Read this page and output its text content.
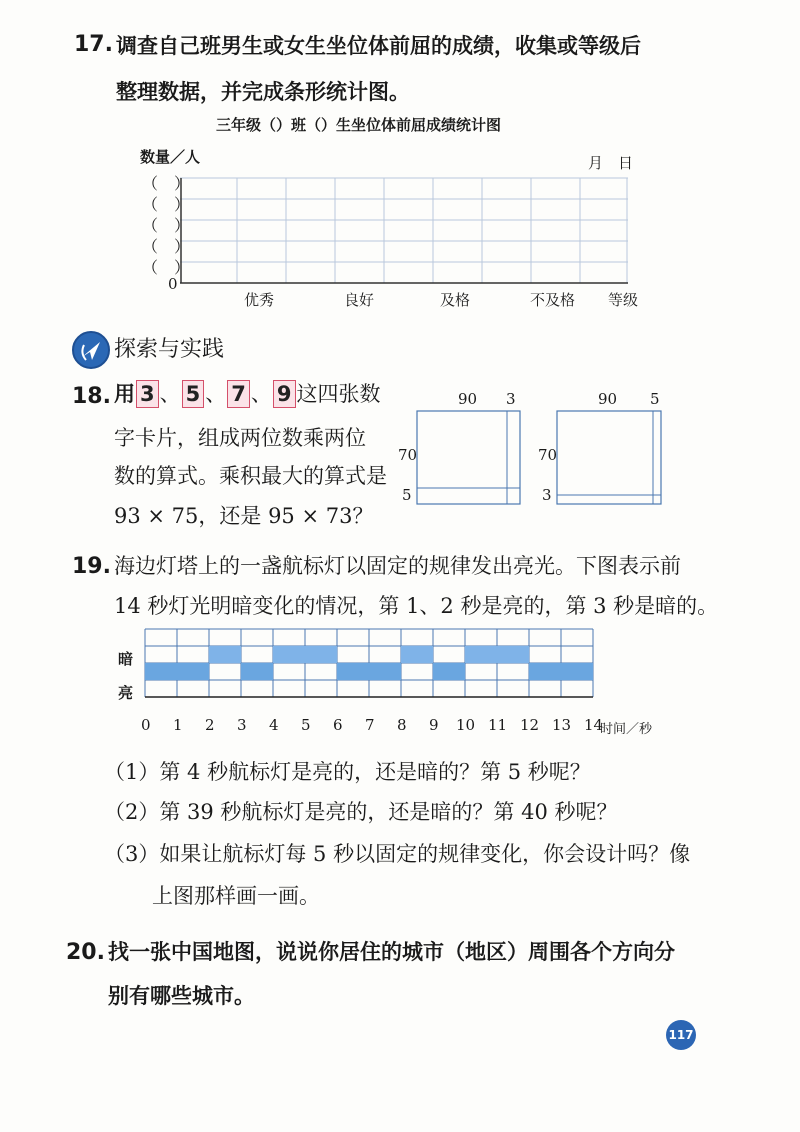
17. 调查自己班男生或女生坐位体前屈的成绩，收集或等级后
整理数据，并完成条形统计图。
三年级（）班（）生坐位体前屈成绩统计图
数量／人	月　日
（　）
（　）
（　）
（　）
（　）
0
优秀	良好	及格	不及格 等级
探索与实践
18. 用 3 、 5 、 7 、 9 这四张数
字卡片，组成两位数乘两位
数的算式。乘积最大的算式是
93 × 75，还是 95 × 73？
90 3
70
5
90 5
70
3
19. 海边灯塔上的一盏航标灯以固定的规律发出亮光。下图表示前
14 秒灯光明暗变化的情况，第 1、2 秒是亮的，第 3 秒是暗的。
暗
亮
0 1 2 3 4 5 6 7 8 9 10 11 12 13 14
时间／秒
（1）第 4 秒航标灯是亮的，还是暗的？第 5 秒呢？
（2）第 39 秒航标灯是亮的，还是暗的？第 40 秒呢？
（3）如果让航标灯每 5 秒以固定的规律变化，你会设计吗？像
上图那样画一画。
20. 找一张中国地图，说说你居住的城市（地区）周围各个方向分
别有哪些城市。
117
